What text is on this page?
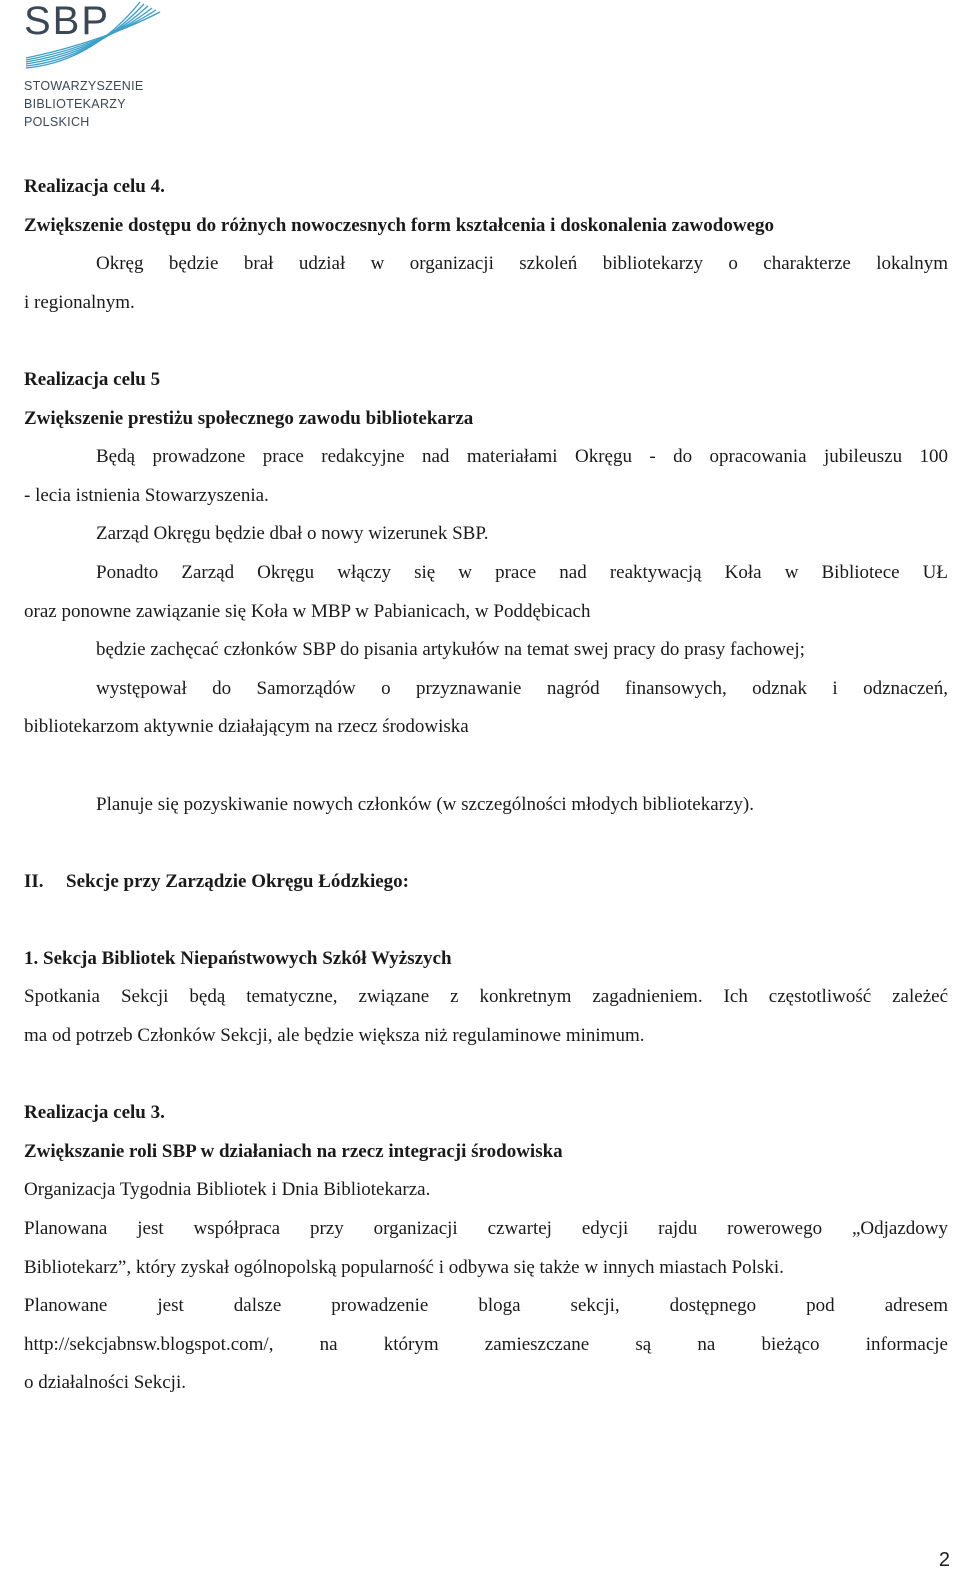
SBP
STOWARZYSZENIE
BIBLIOTEKARZY
POLSKICH
Realizacja celu 4.
Zwiększenie dostępu do różnych nowoczesnych form kształcenia i doskonalenia zawodowego
Okręg będzie brał udział w organizacji szkoleń bibliotekarzy o charakterze lokalnym
i regionalnym.
Realizacja celu 5
Zwiększenie prestiżu społecznego zawodu bibliotekarza
Będą prowadzone prace redakcyjne nad materiałami Okręgu - do opracowania jubileuszu 100
- lecia istnienia Stowarzyszenia.
Zarząd Okręgu będzie dbał o nowy wizerunek SBP.
Ponadto Zarząd Okręgu włączy się w prace nad reaktywacją Koła w Bibliotece UŁ
oraz ponowne zawiązanie się Koła w MBP w Pabianicach, w Poddębicach
będzie zachęcać członków SBP do pisania artykułów na temat swej pracy do prasy fachowej;
występował do Samorządów o przyznawanie nagród finansowych, odznak i odznaczeń,
bibliotekarzom aktywnie działającym na rzecz środowiska
Planuje się pozyskiwanie nowych członków (w szczególności młodych bibliotekarzy).
II.	Sekcje przy Zarządzie Okręgu Łódzkiego:
1. Sekcja Bibliotek Niepaństwowych Szkół Wyższych
Spotkania Sekcji będą tematyczne, związane z konkretnym zagadnieniem. Ich częstotliwość zależeć
ma od potrzeb Członków Sekcji, ale będzie większa niż regulaminowe minimum.
Realizacja celu 3.
Zwiększanie roli SBP w działaniach na rzecz integracji środowiska
Organizacja Tygodnia Bibliotek i Dnia Bibliotekarza.
Planowana jest współpraca przy organizacji czwartej edycji rajdu rowerowego „Odjazdowy
Bibliotekarz”, który zyskał ogólnopolską popularność i odbywa się także w innych miastach Polski.
Planowane jest dalsze prowadzenie bloga sekcji, dostępnego pod adresem
http://sekcjabnsw.blogspot.com/, na którym zamieszczane są na bieżąco informacje
o działalności Sekcji.
2
